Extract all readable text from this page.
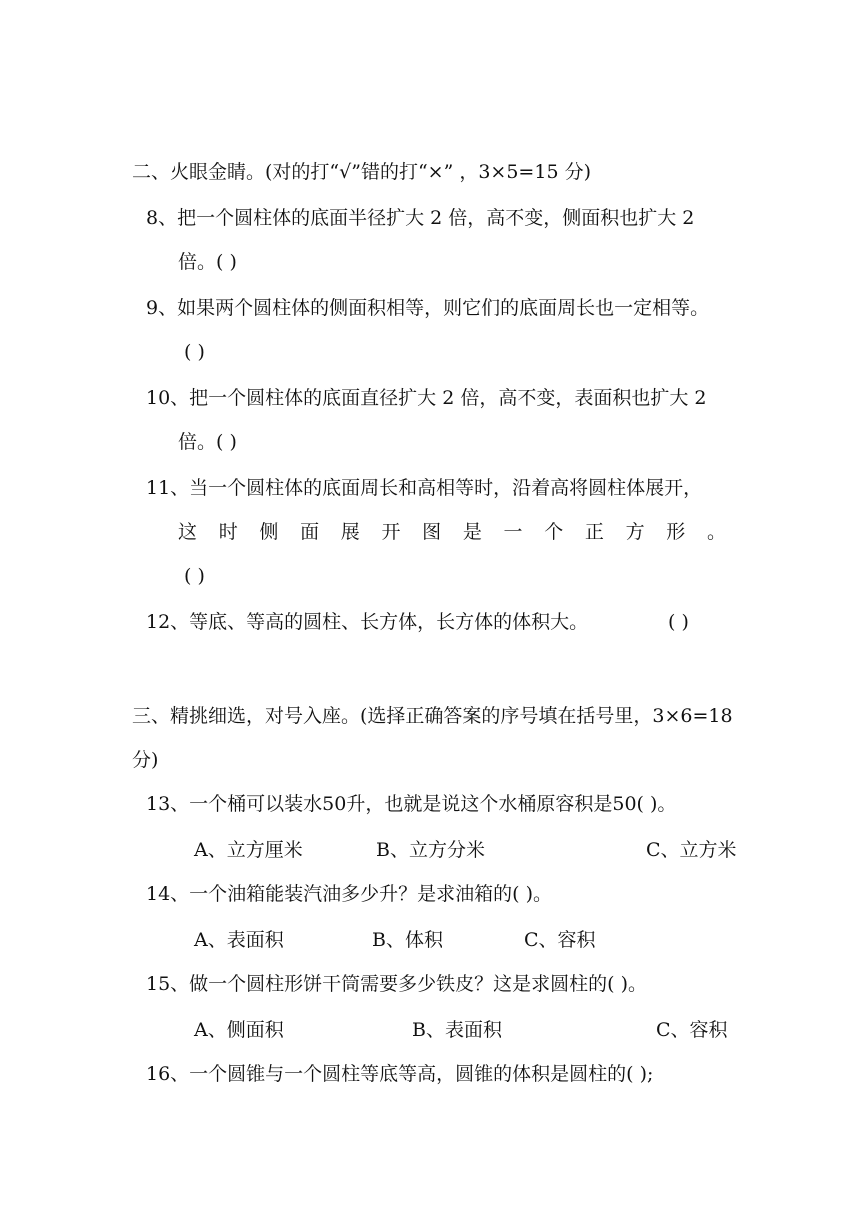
二、火眼金睛。(对的打“√”错的打“×” ，3×5=15 分)
8、把一个圆柱体的底面半径扩大 2 倍，高不变，侧面积也扩大 2
倍。( )
9、如果两个圆柱体的侧面积相等，则它们的底面周长也一定相等。
( )
10、把一个圆柱体的底面直径扩大 2 倍，高不变，表面积也扩大 2
倍。( )
11、当一个圆柱体的底面周长和高相等时，沿着高将圆柱体展开，
这 时 侧 面 展 开 图 是 一 个 正 方 形 。
( )
12、等底、等高的圆柱、长方体，长方体的体积大。	( )
三、精挑细选，对号入座。(选择正确答案的序号填在括号里，3×6=18
分)
13、一个桶可以装水50升，也就是说这个水桶原容积是50( )。
A、立方厘米	B、立方分米	C、立方米
14、一个油箱能装汽油多少升？是求油箱的( )。
A、表面积	B、体积	C、容积
15、做一个圆柱形饼干筒需要多少铁皮？这是求圆柱的( )。
A、侧面积	B、表面积	C、容积
16、一个圆锥与一个圆柱等底等高，圆锥的体积是圆柱的( );
